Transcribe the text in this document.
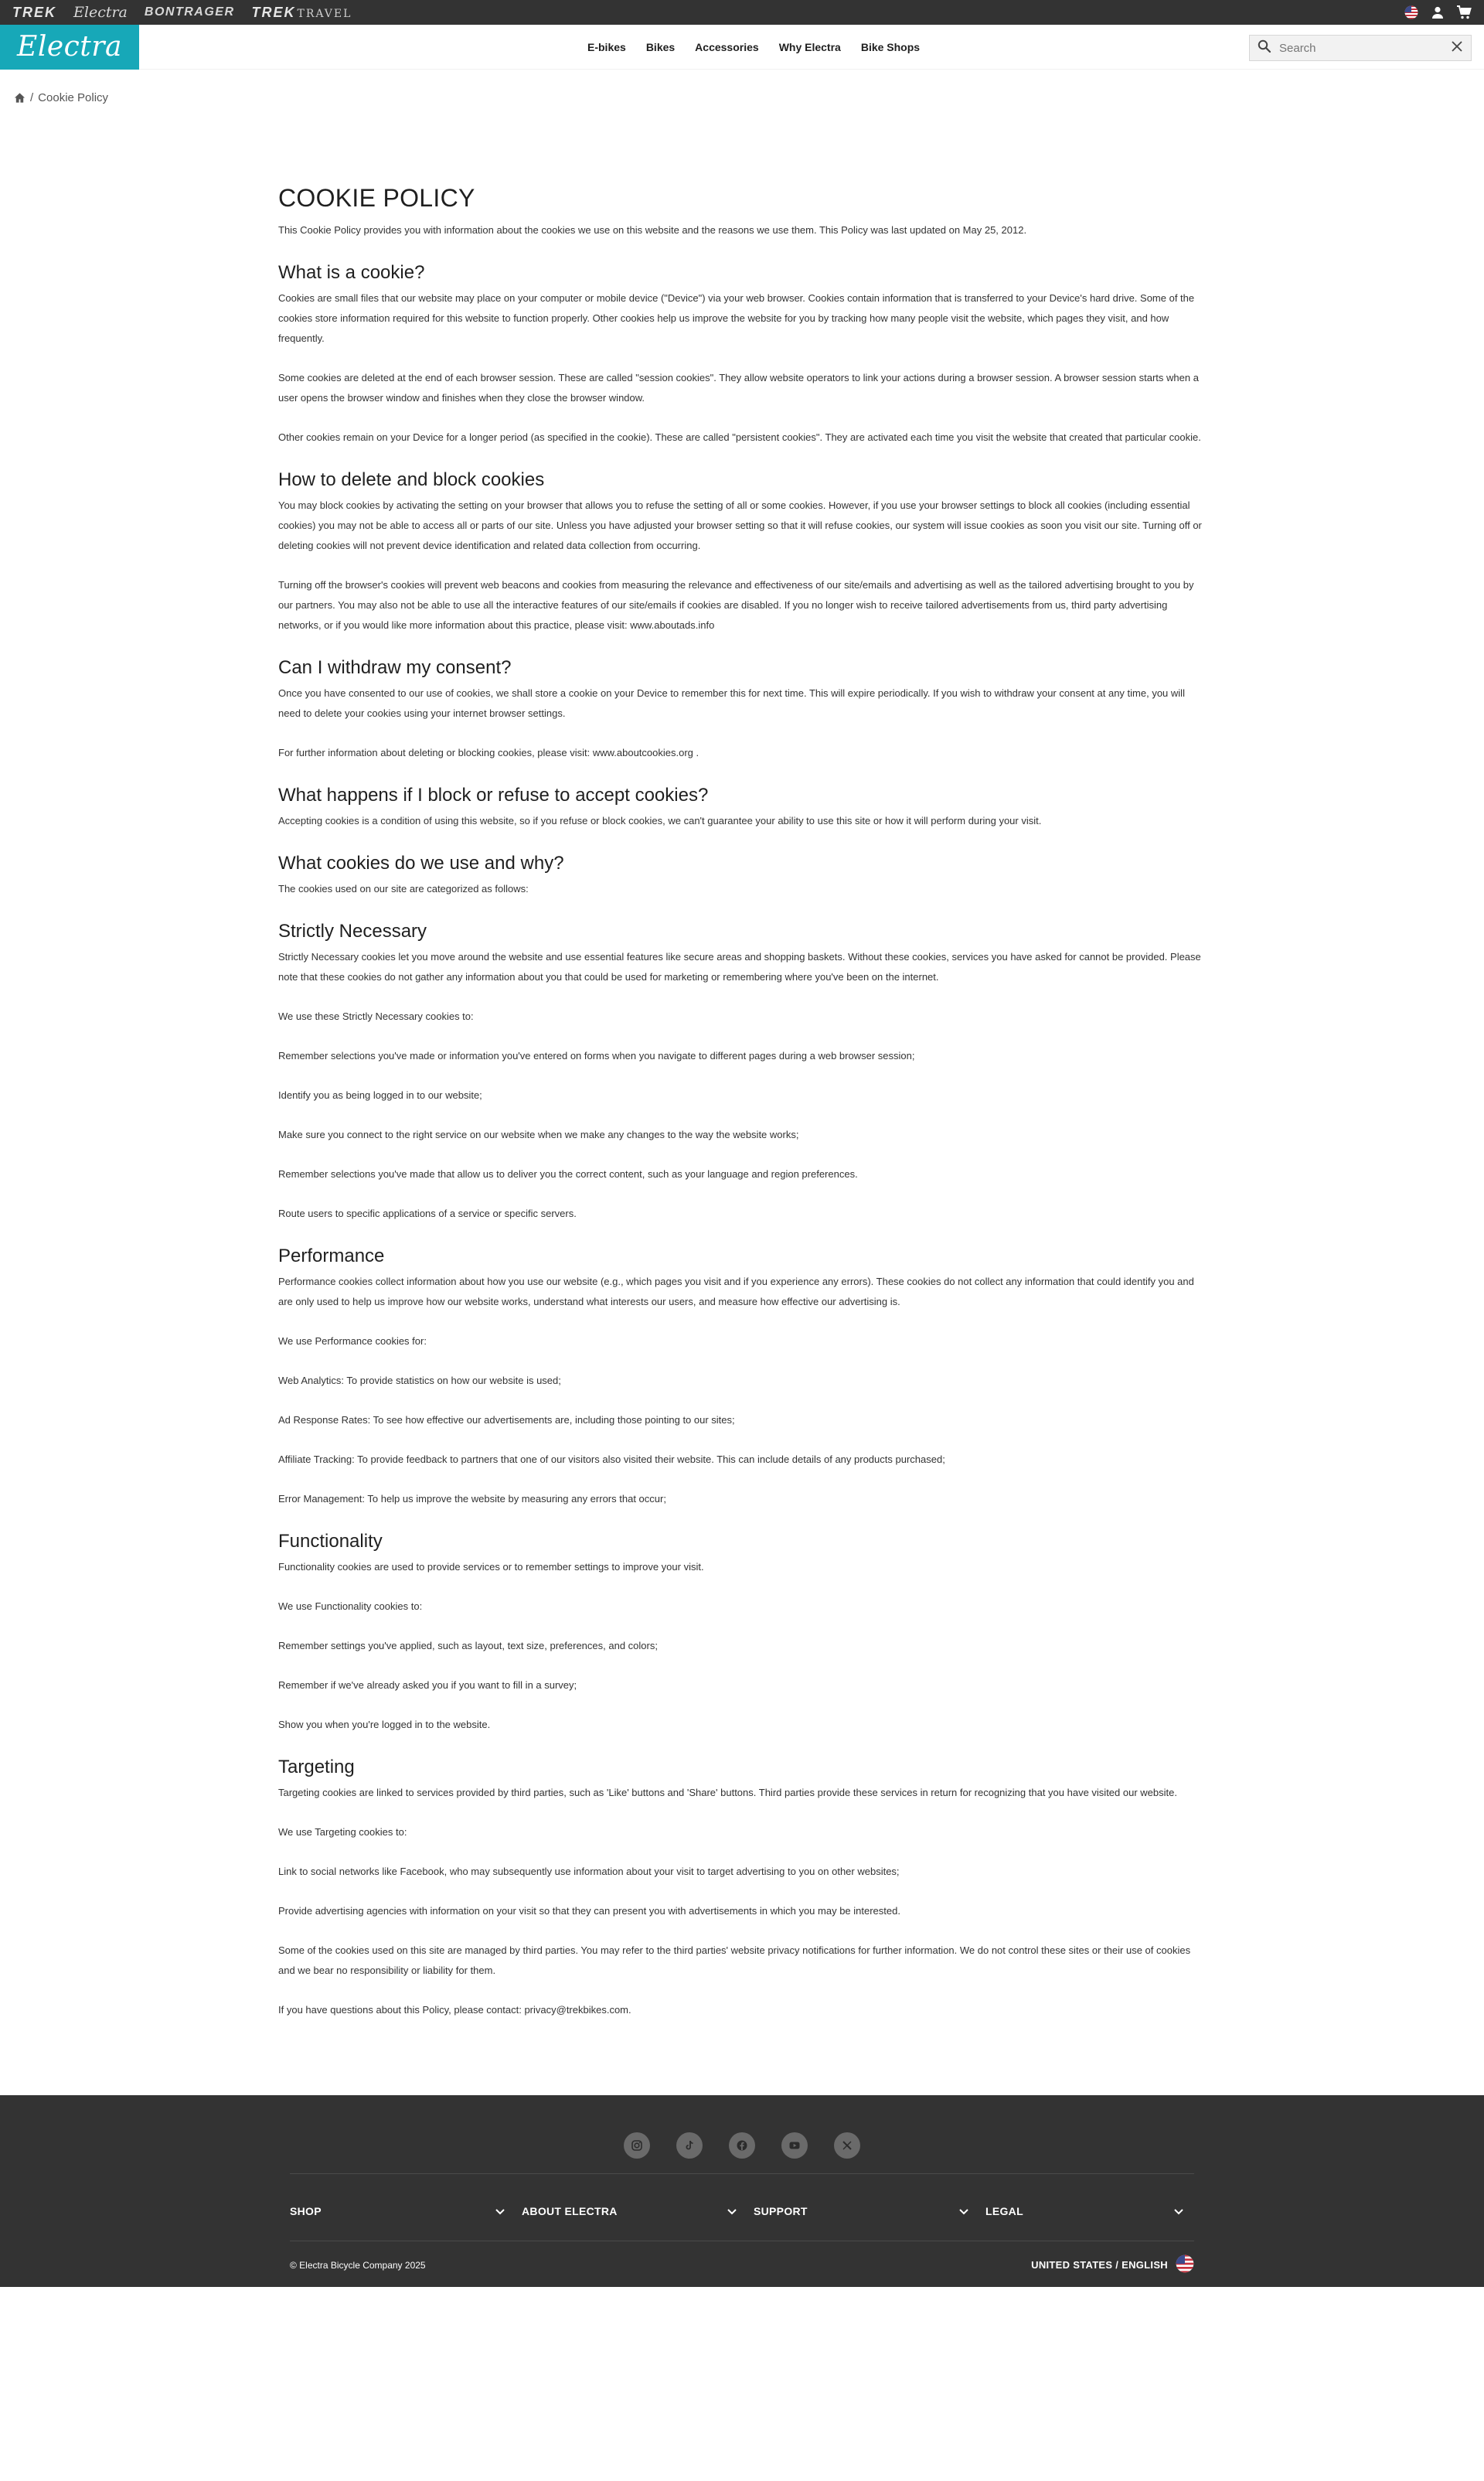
TREK Electra BONTRAGER TREK TRAVEL
Electra	E-bikes Bikes Accessories Why Electra Bike Shops
Search
/ Cookie Policy
COOKIE POLICY

This Cookie Policy provides you with information about the cookies we use on this website and the reasons we use them. This Policy was last updated on May 25, 2012.

What is a cookie?

Cookies are small files that our website may place on your computer or mobile device ("Device") via your web browser. Cookies contain information that is transferred to your Device's hard drive. Some of the cookies store information required for this website to function properly. Other cookies help us improve the website for you by tracking how many people visit the website, which pages they visit, and how frequently.

Some cookies are deleted at the end of each browser session. These are called "session cookies". They allow website operators to link your actions during a browser session. A browser session starts when a user opens the browser window and finishes when they close the browser window.

Other cookies remain on your Device for a longer period (as specified in the cookie). These are called "persistent cookies". They are activated each time you visit the website that created that particular cookie.

How to delete and block cookies

You may block cookies by activating the setting on your browser that allows you to refuse the setting of all or some cookies. However, if you use your browser settings to block all cookies (including essential cookies) you may not be able to access all or parts of our site. Unless you have adjusted your browser setting so that it will refuse cookies, our system will issue cookies as soon you visit our site. Turning off or deleting cookies will not prevent device identification and related data collection from occurring.

Turning off the browser's cookies will prevent web beacons and cookies from measuring the relevance and effectiveness of our site/emails and advertising as well as the tailored advertising brought to you by our partners. You may also not be able to use all the interactive features of our site/emails if cookies are disabled. If you no longer wish to receive tailored advertisements from us, third party advertising networks, or if you would like more information about this practice, please visit: www.aboutads.info

Can I withdraw my consent?

Once you have consented to our use of cookies, we shall store a cookie on your Device to remember this for next time. This will expire periodically. If you wish to withdraw your consent at any time, you will need to delete your cookies using your internet browser settings.

For further information about deleting or blocking cookies, please visit: www.aboutcookies.org .

What happens if I block or refuse to accept cookies?

Accepting cookies is a condition of using this website, so if you refuse or block cookies, we can't guarantee your ability to use this site or how it will perform during your visit.

What cookies do we use and why?

The cookies used on our site are categorized as follows:

Strictly Necessary

Strictly Necessary cookies let you move around the website and use essential features like secure areas and shopping baskets. Without these cookies, services you have asked for cannot be provided. Please note that these cookies do not gather any information about you that could be used for marketing or remembering where you've been on the internet.

We use these Strictly Necessary cookies to:

Remember selections you've made or information you've entered on forms when you navigate to different pages during a web browser session;

Identify you as being logged in to our website;

Make sure you connect to the right service on our website when we make any changes to the way the website works;

Remember selections you've made that allow us to deliver you the correct content, such as your language and region preferences.

Route users to specific applications of a service or specific servers.

Performance

Performance cookies collect information about how you use our website (e.g., which pages you visit and if you experience any errors). These cookies do not collect any information that could identify you and are only used to help us improve how our website works, understand what interests our users, and measure how effective our advertising is.

We use Performance cookies for:

Web Analytics: To provide statistics on how our website is used;

Ad Response Rates: To see how effective our advertisements are, including those pointing to our sites;

Affiliate Tracking: To provide feedback to partners that one of our visitors also visited their website. This can include details of any products purchased;

Error Management: To help us improve the website by measuring any errors that occur;

Functionality

Functionality cookies are used to provide services or to remember settings to improve your visit.

We use Functionality cookies to:

Remember settings you've applied, such as layout, text size, preferences, and colors;

Remember if we've already asked you if you want to fill in a survey;

Show you when you're logged in to the website.

Targeting

Targeting cookies are linked to services provided by third parties, such as 'Like' buttons and 'Share' buttons. Third parties provide these services in return for recognizing that you have visited our website.

We use Targeting cookies to:

Link to social networks like Facebook, who may subsequently use information about your visit to target advertising to you on other websites;

Provide advertising agencies with information on your visit so that they can present you with advertisements in which you may be interested.

Some of the cookies used on this site are managed by third parties. You may refer to the third parties' website privacy notifications for further information. We do not control these sites or their use of cookies and we bear no responsibility or liability for them.

If you have questions about this Policy, please contact: privacy@trekbikes.com.

SHOP	ABOUT ELECTRA	SUPPORT	LEGAL
© Electra Bicycle Company 2025	UNITED STATES / ENGLISH
